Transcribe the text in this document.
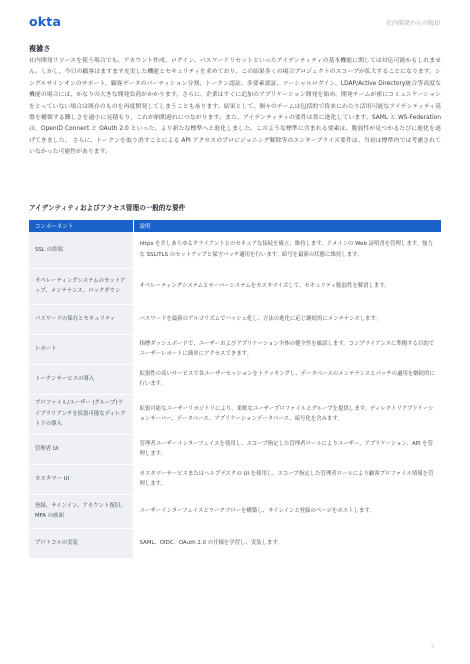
okta	社内開発からの脱却
複雑さ
社内開発リソースを使う場合でも、アカウント作成、ログイン、パスワードリセットといったアイデンティティの基本機能に関しては対応可能かもしれません。しかし、今日の顧客はますます充実した機能とセキュリティを求めており、この結果多くの場合プロジェクトのスコープが拡大することになります。シングルサインオンのサポート、顧客データのパーティション分割、トークン認証、多要素認証、ソーシャルログイン、LDAP/Active Directory統合等高度な機能の場合には、かなりの大きな開発負荷がかかります。さらに、企業はすぐに追加のアプリケーション開発を始め、開発チームが密にコミュニケーションをとっていない場合は既存のものを再度開発してしまうこともあります。結果として、個々のチームは包括的で将来にわたり活用可能なアイデンティティ基盤を構築する難しさを過小に見積もり、これが納期遅れにつながります。また、アイデンティティの要件は常に進化しています。SAML と WS-Federation は、OpenID Connect と OAuth 2.0 といった、より新たな標準へと進化しました。このような標準に含まれる要素は、脆弱性が見つかるたびに進化を遂げてきました。 さらに、トークンを取り消すことによる API アクセスのプロビジョニング解除等のエンタープライズ要件は、当初は標準内では考慮されていなかった可能性があります。
アイデンティティおよびアクセス管理の一般的な要件
コンポーネント	説明
SSL の終端	https を介しあらゆるクライアントとのセキュアな接続を確立、維持します。ドメインの Web 証明書を管理します。強力な SSL/TLS のセットアップと保守パッチ適用を行います。暗号を最新の状態に維持します。
オペレーティングシステムのセットアップ、メンテナンス、ロックダウン	オペレーティングシステムとサーバーシステムをカスタマイズして、セキュリティ脆弱性を解消します。
パスワードの保存とセキュリティ	パスワードを最新のアルゴリズムでハッシュ化し、方法の進化に応じ継続的にメンテナンスします。
レポート	指標ダッシュボードで、ユーザーおよびアプリケーション全体の健全性を確認します。コンプライアンスに準拠する目的でユーザーレポートに簡単にアクセスできます。
トークンサービスの導入	拡張性の高いサービスで各ユーザーセッションをトラッキングし、データベースのメンテナンスとパッチの適用を継続的に行います。
プロファイル/ユーザー (グループ)ライブラリアンチを拡張可能なディレクトリの導入	拡張可能なユーザーリポジトリにより、柔軟なユーザープロファイルとグループを提供します。ディレクトリアプリケーションサーバー、データベース、アプリケーションデータベース、暗号化を含みます。
管理者 UI	管理者ユーザーインターフェイスを使用し、スコープ指定した管理者ロールによりユーザー、アプリケーション、API を管理します。
カスタマー UI	カスタマーサービスまたはヘルプデスクの UI を使用し、スコープ指定した管理者ロールにより顧客プロファイル情報を管理します。
登録、サインイン、アカウント復旧、MFA の画面	ユーザーインターフェイスとワークフローを構築し、サインインと登録のページをホストします。
プロトコルの実装	SAML、OIDC、OAuth 2.0 の仕様を学習し、実装します。
3
